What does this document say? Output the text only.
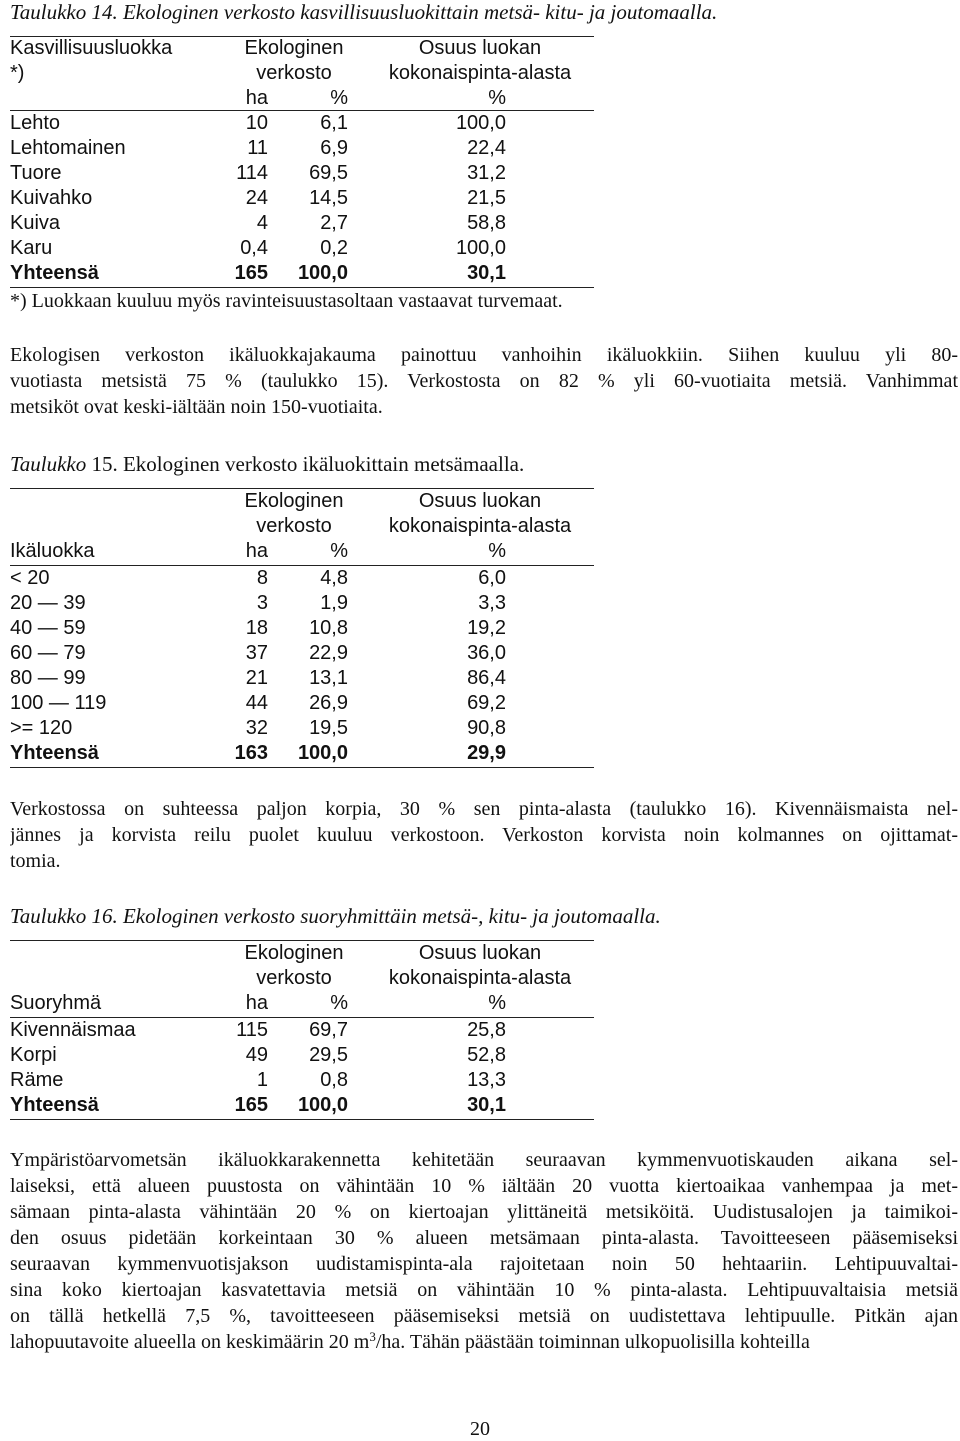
Taulukko 14. Ekologinen verkosto kasvillisuusluokittain metsä- kitu- ja joutomaalla.
Kasvillisuusluokka	Ekologinen	Osuus luokan
*)	verkosto	kokonaispinta-alasta
ha	%	%
Lehto	10	6,1	100,0
Lehtomainen	11	6,9	22,4
Tuore	114 69,5	31,2
Kuivahko	24 14,5	21,5
Kuiva	4	2,7	58,8
Karu	0,4	0,2	100,0
Yhteensä	165 100,0	30,1
*) Luokkaan kuuluu myös ravinteisuustasoltaan vastaavat turvemaat.
Ekologisen verkoston ikäluokkajakauma painottuu vanhoihin ikäluokkiin. Siihen kuuluu yli 80-
vuotiasta metsistä 75 % (taulukko 15). Verkostosta on 82 % yli 60-vuotiaita metsiä. Vanhimmat
metsiköt ovat keski-iältään noin 150-vuotiaita.
Taulukko 15. Ekologinen verkosto ikäluokittain metsämaalla.
Ekologinen	Osuus luokan
verkosto	kokonaispinta-alasta
Ikäluokka	ha	%	%
< 20	8	4,8	6,0
20 — 39	3	1,9	3,3
40 — 59	18 10,8	19,2
60 — 79	37 22,9	36,0
80 — 99	21 13,1	86,4
100 — 119	44 26,9	69,2
>= 120	32 19,5	90,8
Yhteensä	163 100,0	29,9
Verkostossa on suhteessa paljon korpia, 30 % sen pinta-alasta (taulukko 16). Kivennäismaista nel-
jännes ja korvista reilu puolet kuuluu verkostoon. Verkoston korvista noin kolmannes on ojittamat-
tomia.
Taulukko 16. Ekologinen verkosto suoryhmittäin metsä-, kitu- ja joutomaalla.
Ekologinen	Osuus luokan
verkosto	kokonaispinta-alasta
Suoryhmä	ha	%	%
Kivennäismaa	115 69,7	25,8
Korpi	49 29,5	52,8
Räme	1	0,8	13,3
Yhteensä	165 100,0	30,1
Ympäristöarvometsän ikäluokkarakennetta kehitetään seuraavan kymmenvuotiskauden aikana sel-
laiseksi, että alueen puustosta on vähintään 10 % iältään 20 vuotta kiertoaikaa vanhempaa ja met-
sämaan pinta-alasta vähintään 20 % on kiertoajan ylittäneitä metsiköitä. Uudistusalojen ja taimikoi-
den osuus pidetään korkeintaan 30 % alueen metsämaan pinta-alasta. Tavoitteeseen pääsemiseksi
seuraavan kymmenvuotisjakson uudistamispinta-ala rajoitetaan noin 50 hehtaariin. Lehtipuuvaltai-
sina koko kiertoajan kasvatettavia metsiä on vähintään 10 % pinta-alasta. Lehtipuuvaltaisia metsiä
on tällä hetkellä 7,5 %, tavoitteeseen pääsemiseksi metsiä on uudistettava lehtipuulle. Pitkän ajan
lahopuutavoite alueella on keskimäärin 20 $m^3/ha$. Tähän päästään toiminnan ulkopuolisilla kohteilla
20
